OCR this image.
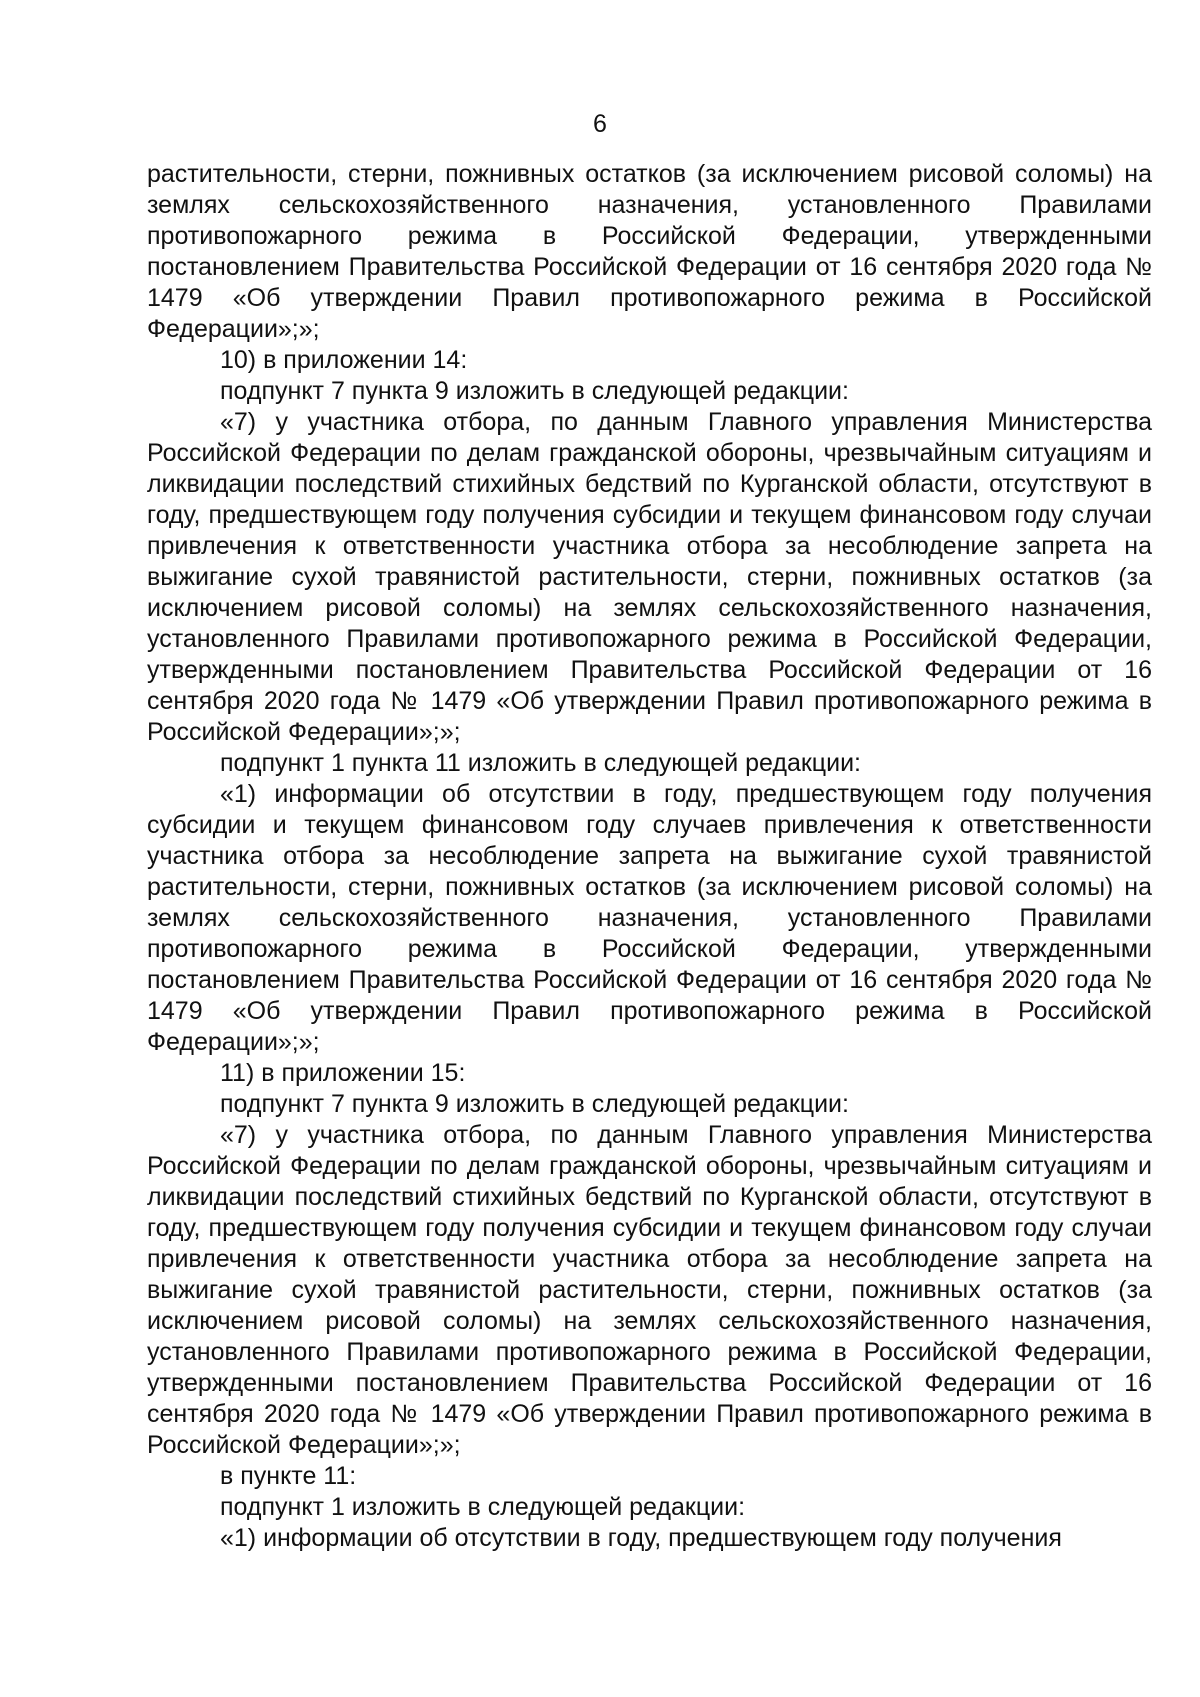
6

растительности, стерни, пожнивных остатков (за исключением рисовой соломы) на землях сельскохозяйственного назначения, установленного Правилами противопожарного режима в Российской Федерации, утвержденными постановлением Правительства Российской Федерации от 16 сентября 2020 года № 1479 «Об утверждении Правил противопожарного режима в Российской Федерации»;»;

10) в приложении 14:

подпункт 7 пункта 9 изложить в следующей редакции:

«7) у участника отбора, по данным Главного управления Министерства Российской Федерации по делам гражданской обороны, чрезвычайным ситуациям и ликвидации последствий стихийных бедствий по Курганской области, отсутствуют в году, предшествующем году получения субсидии и текущем финансовом году случаи привлечения к ответственности участника отбора за несоблюдение запрета на выжигание сухой травянистой растительности, стерни, пожнивных остатков (за исключением рисовой соломы) на землях сельскохозяйственного назначения, установленного Правилами противопожарного режима в Российской Федерации, утвержденными постановлением Правительства Российской Федерации от 16 сентября 2020 года № 1479 «Об утверждении Правил противопожарного режима в Российской Федерации»;»;

подпункт 1 пункта 11 изложить в следующей редакции:

«1) информации об отсутствии в году, предшествующем году получения субсидии и текущем финансовом году случаев привлечения к ответственности участника отбора за несоблюдение запрета на выжигание сухой травянистой растительности, стерни, пожнивных остатков (за исключением рисовой соломы) на землях сельскохозяйственного назначения, установленного Правилами противопожарного режима в Российской Федерации, утвержденными постановлением Правительства Российской Федерации от 16 сентября 2020 года № 1479 «Об утверждении Правил противопожарного режима в Российской Федерации»;»;

11) в приложении 15:

подпункт 7 пункта 9 изложить в следующей редакции:

«7) у участника отбора, по данным Главного управления Министерства Российской Федерации по делам гражданской обороны, чрезвычайным ситуациям и ликвидации последствий стихийных бедствий по Курганской области, отсутствуют в году, предшествующем году получения субсидии и текущем финансовом году случаи привлечения к ответственности участника отбора за несоблюдение запрета на выжигание сухой травянистой растительности, стерни, пожнивных остатков (за исключением рисовой соломы) на землях сельскохозяйственного назначения, установленного Правилами противопожарного режима в Российской Федерации, утвержденными постановлением Правительства Российской Федерации от 16 сентября 2020 года № 1479 «Об утверждении Правил противопожарного режима в Российской Федерации»;»;

в пункте 11:

подпункт 1 изложить в следующей редакции:

«1) информации об отсутствии в году, предшествующем году получения
